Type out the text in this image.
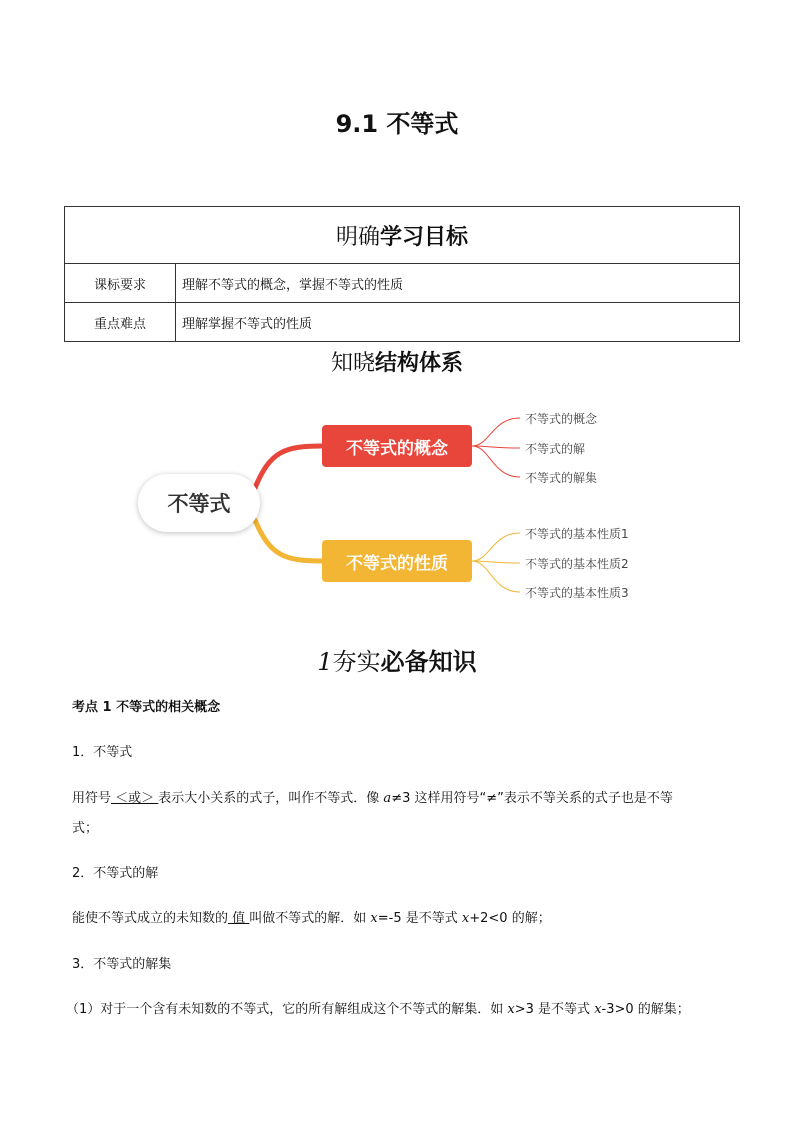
9.1 不等式
明确学习目标	
课标要求	理解不等式的概念，掌握不等式的性质
重点难点	理解掌握不等式的性质
知晓结构体系
不等式
不等式的概念
不等式的性质
不等式的概念
不等式的解
不等式的解集
不等式的基本性质1
不等式的基本性质2
不等式的基本性质3
1夯实必备知识
考点 1 不等式的相关概念
1．不等式
用符号 ＜或＞ 表示大小关系的式子，叫作不等式．像 a≠3 这样用符号“≠”表示不等关系的式子也是不等
式；
2．不等式的解
能使不等式成立的未知数的 值 叫做不等式的解．如 x=-5 是不等式 x+2<0 的解；
3．不等式的解集
（1）对于一个含有未知数的不等式，它的所有解组成这个不等式的解集．如 x>3 是不等式 x-3>0 的解集；
